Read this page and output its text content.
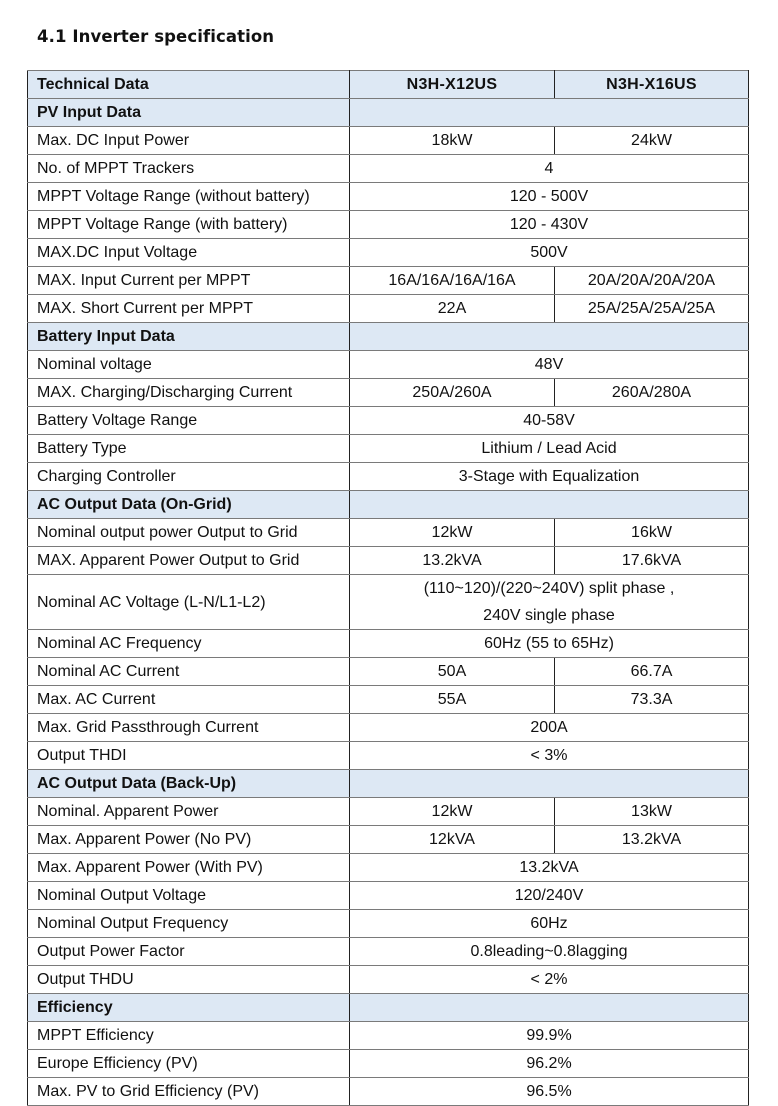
4.1 Inverter specification
Technical Data	N3H-X12US	N3H-X16US
PV Input Data		
Max. DC Input Power	18kW	24kW
No. of MPPT Trackers	4	
MPPT Voltage Range (without battery)	120 - 500V	
MPPT Voltage Range (with battery)	120 - 430V	
MAX.DC Input Voltage	500V	
MAX. Input Current per MPPT	16A/16A/16A/16A	20A/20A/20A/20A
MAX. Short Current per MPPT	22A	25A/25A/25A/25A
Battery Input Data		
Nominal voltage	48V	
MAX. Charging/Discharging Current	250A/260A	260A/280A
Battery Voltage Range	40-58V	
Battery Type	Lithium / Lead Acid	
Charging Controller	3-Stage with Equalization	
AC Output Data (On-Grid)		
Nominal output power Output to Grid	12kW	16kW
MAX. Apparent Power Output to Grid	13.2kVA	17.6kVA
Nominal AC Voltage (L-N/L1-L2)	(110~120)/(220~240V) split phase ,
240V single phase	

Nominal AC Frequency	60Hz (55 to 65Hz)	
Nominal AC Current	50A	66.7A
Max. AC Current	55A	73.3A
Max. Grid Passthrough Current	200A	
Output THDI	< 3%	
AC Output Data (Back-Up)		
Nominal. Apparent Power	12kW	13kW
Max. Apparent Power (No PV)	12kVA	13.2kVA
Max. Apparent Power (With PV)	13.2kVA	
Nominal Output Voltage	120/240V	
Nominal Output Frequency	60Hz	
Output Power Factor	0.8leading~0.8lagging	
Output THDU	< 2%	
Efficiency		
MPPT Efficiency	99.9%	
Europe Efficiency (PV)	96.2%	
Max. PV to Grid Efficiency (PV)	96.5%	
